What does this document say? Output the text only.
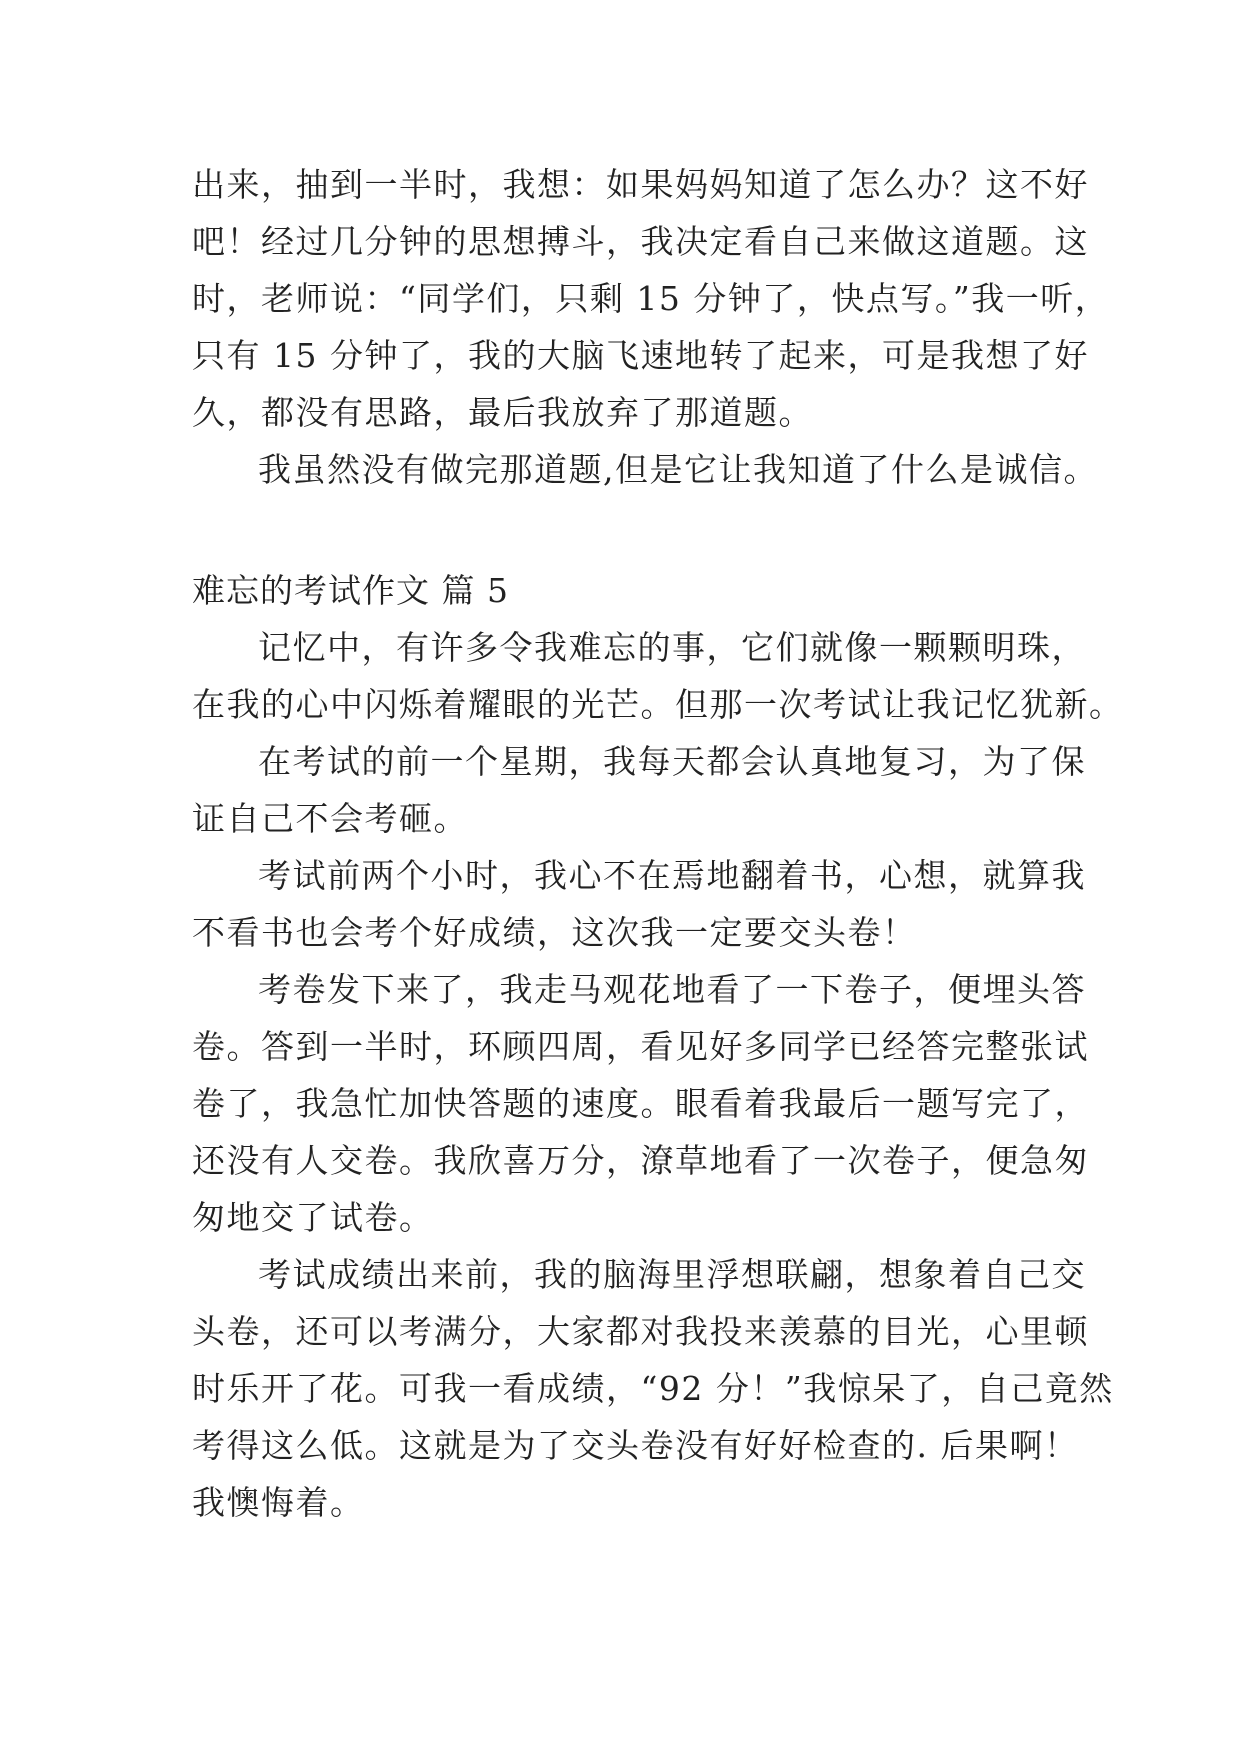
出来，抽到一半时，我想：如果妈妈知道了怎么办？这不好
吧！经过几分钟的思想搏斗，我决定看自己来做这道题。这
时，老师说：“同学们，只剩 15 分钟了，快点写。”我一听，
只有 15 分钟了，我的大脑飞速地转了起来，可是我想了好
久，都没有思路，最后我放弃了那道题。
我虽然没有做完那道题,但是它让我知道了什么是诚信。
难忘的考试作文 篇 5
记忆中，有许多令我难忘的事，它们就像一颗颗明珠，
在我的心中闪烁着耀眼的光芒。但那一次考试让我记忆犹新。
在考试的前一个星期，我每天都会认真地复习，为了保
证自己不会考砸。
考试前两个小时，我心不在焉地翻着书，心想，就算我
不看书也会考个好成绩，这次我一定要交头卷！
考卷发下来了，我走马观花地看了一下卷子，便埋头答
卷。答到一半时，环顾四周，看见好多同学已经答完整张试
卷了，我急忙加快答题的速度。眼看着我最后一题写完了，
还没有人交卷。我欣喜万分，潦草地看了一次卷子，便急匆
匆地交了试卷。
考试成绩出来前，我的脑海里浮想联翩，想象着自己交
头卷，还可以考满分，大家都对我投来羡慕的目光，心里顿
时乐开了花。可我一看成绩，“92 分！”我惊呆了，自己竟然
考得这么低。这就是为了交头卷没有好好检查的. 后果啊！
我懊悔着。
